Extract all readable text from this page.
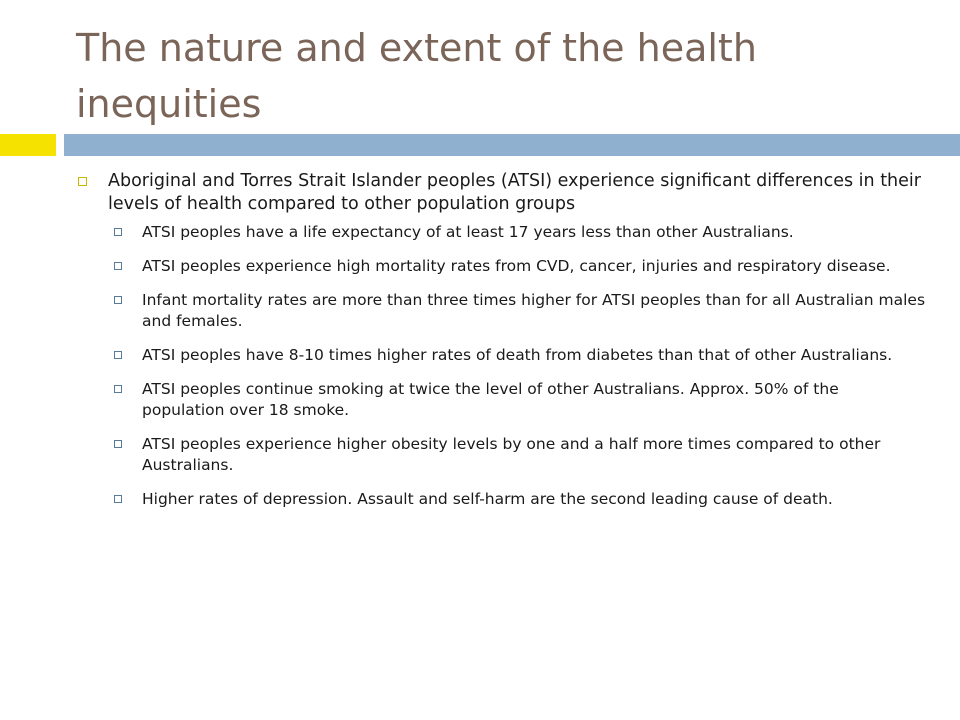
The nature and extent of the health inequities
Aboriginal and Torres Strait Islander peoples (ATSI) experience significant differences in their levels of health compared to other population groups
ATSI peoples have a life expectancy of at least 17 years less than other Australians.
ATSI peoples experience high mortality rates from CVD, cancer, injuries and respiratory disease.
Infant mortality rates are more than three times higher for ATSI peoples than for all Australian males and females.
ATSI peoples have 8-10 times higher rates of death from diabetes than that of other Australians.
ATSI peoples continue smoking at twice the level of other Australians. Approx. 50% of the population over 18 smoke.
ATSI peoples experience higher obesity levels by one and a half more times compared to other Australians.
Higher rates of depression. Assault and self-harm are the second leading cause of death.
